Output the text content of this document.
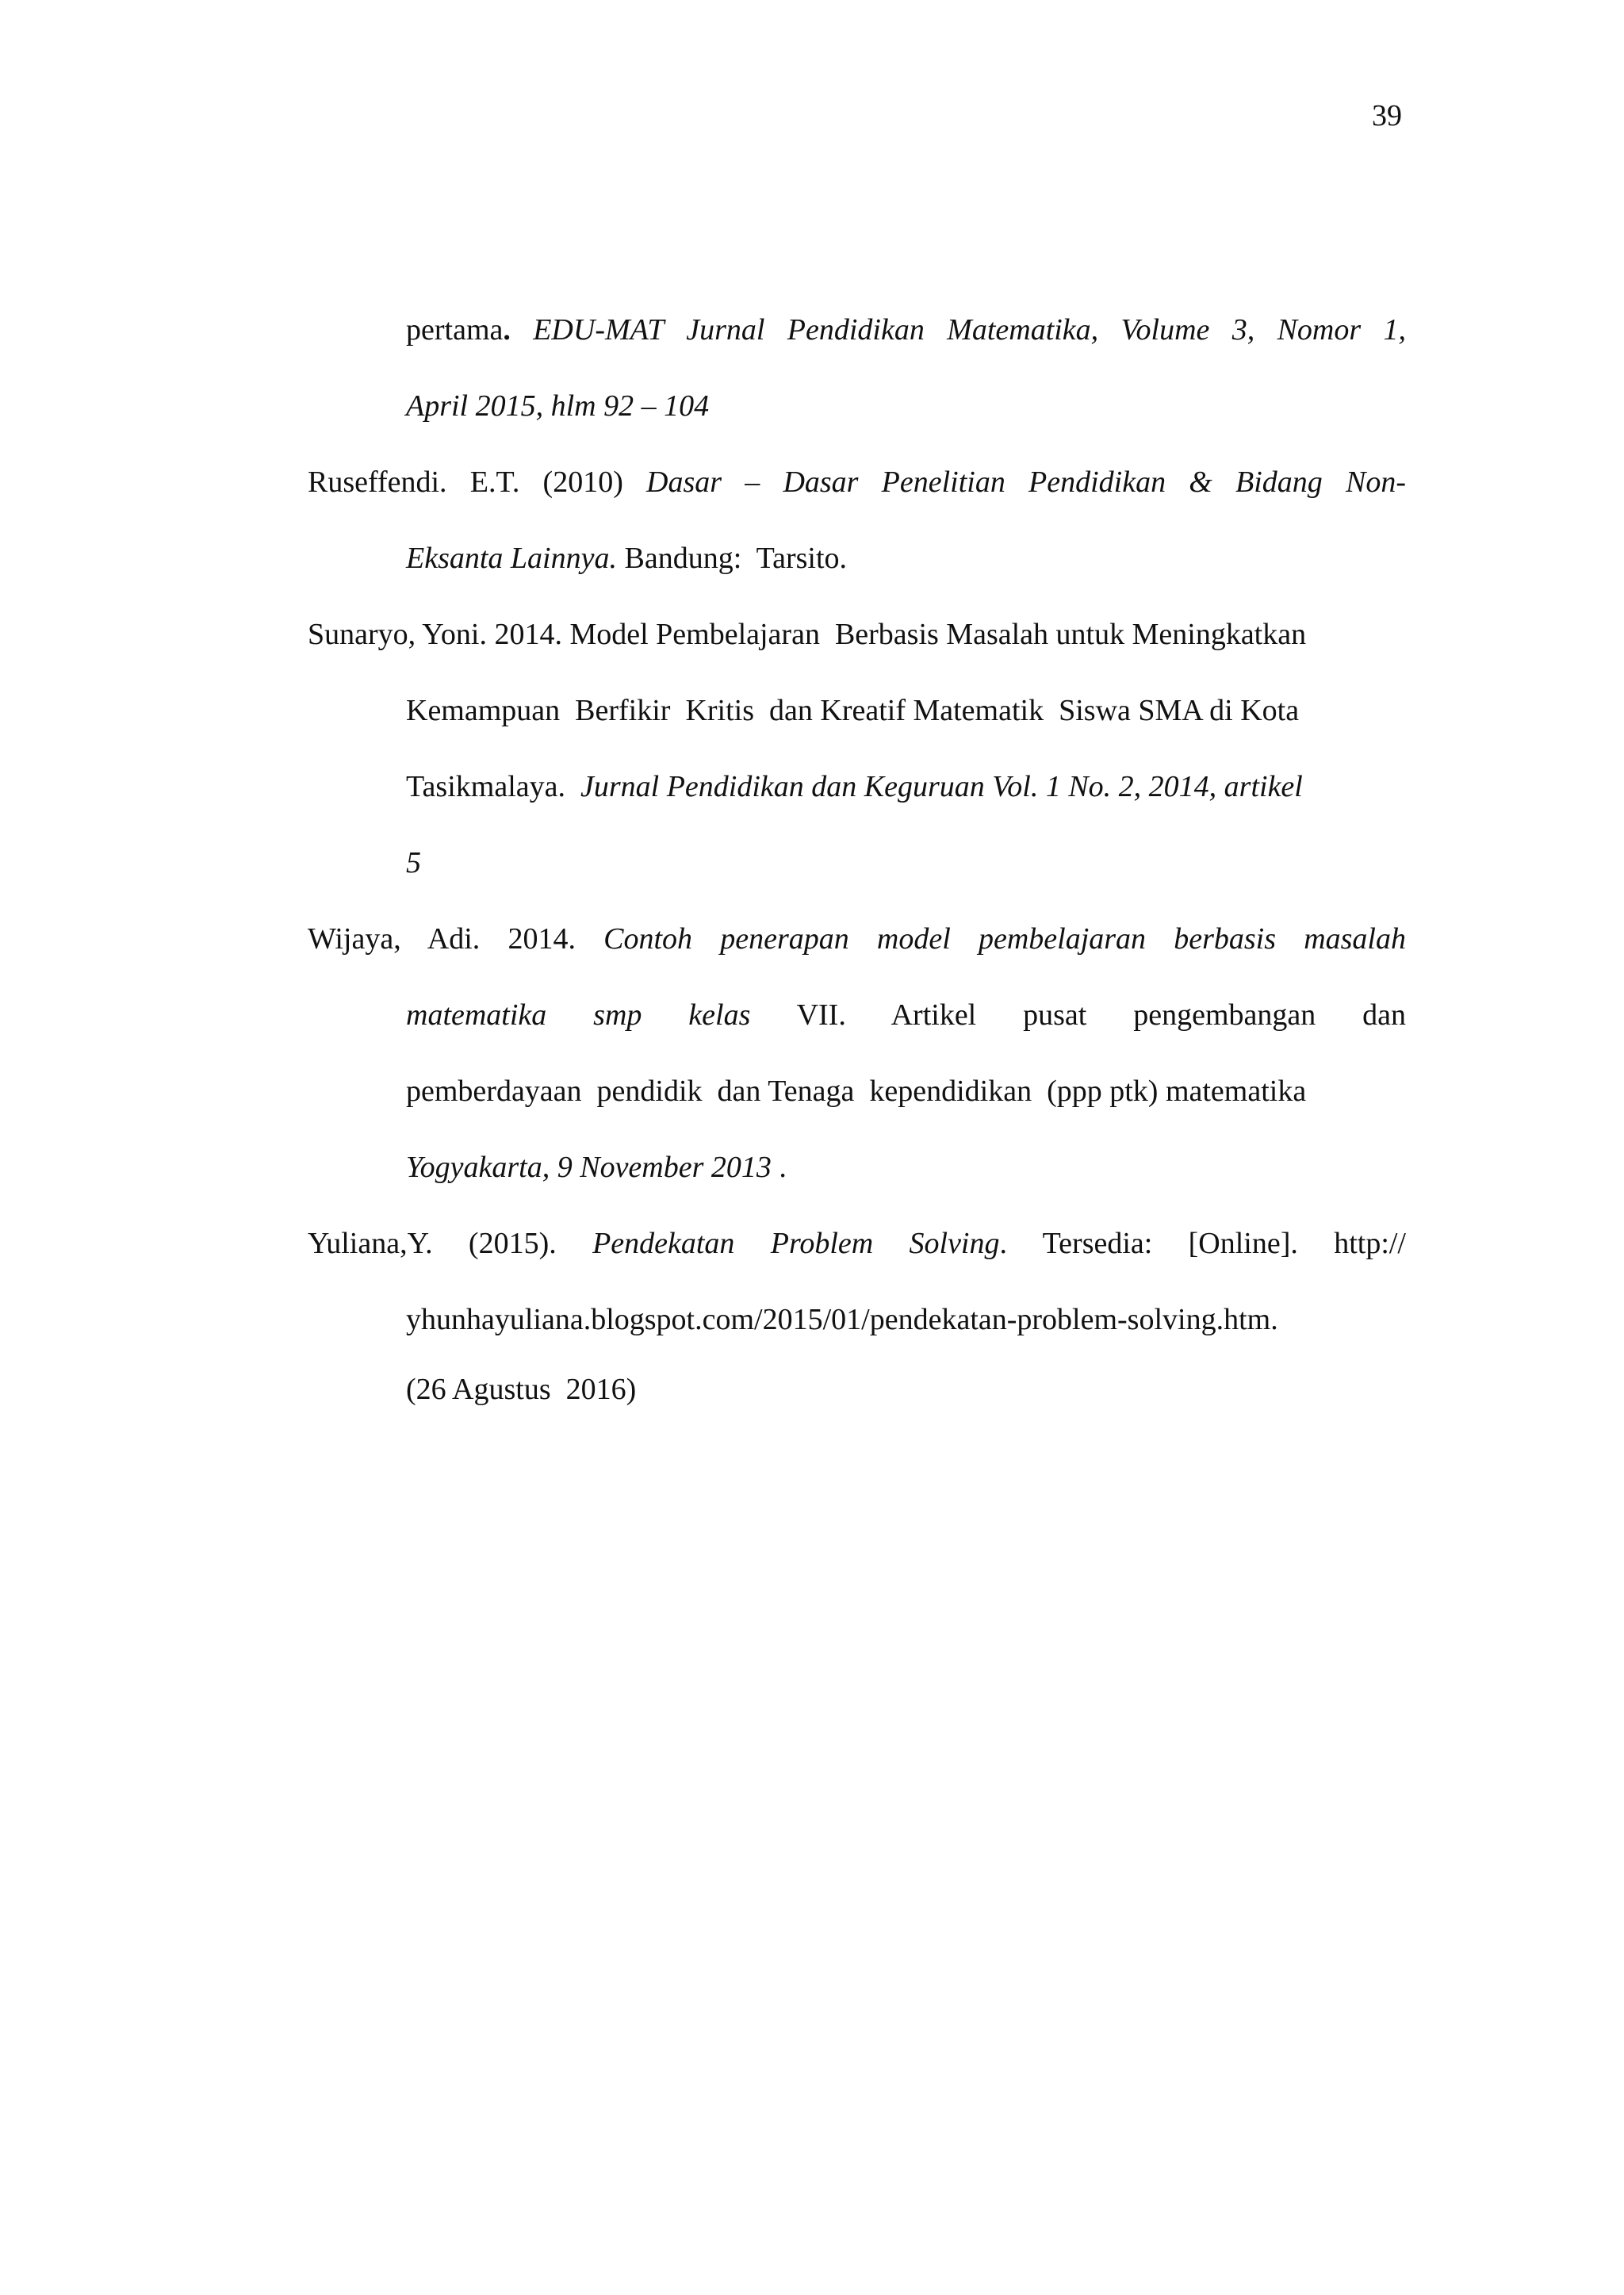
39
pertama. EDU-MAT Jurnal Pendidikan Matematika, Volume 3, Nomor 1,
April 2015, hlm 92 – 104
Ruseffendi. E.T. (2010) Dasar – Dasar Penelitian Pendidikan & Bidang Non-
Eksanta Lainnya. Bandung:  Tarsito.
Sunaryo, Yoni. 2014. Model Pembelajaran  Berbasis Masalah untuk Meningkatkan
Kemampuan  Berfikir  Kritis  dan Kreatif Matematik  Siswa SMA di Kota
Tasikmalaya.  Jurnal Pendidikan dan Keguruan Vol. 1 No. 2, 2014, artikel
5
Wijaya, Adi. 2014. Contoh penerapan model pembelajaran berbasis masalah
matematika smp kelas VII. Artikel pusat pengembangan dan
pemberdayaan  pendidik  dan Tenaga  kependidikan  (ppp ptk) matematika
Yogyakarta, 9 November 2013 .
Yuliana,Y. (2015). Pendekatan Problem Solving. Tersedia: [Online]. http://
yhunhayuliana.blogspot.com/2015/01/pendekatan-problem-solving.htm.
(26 Agustus  2016)
